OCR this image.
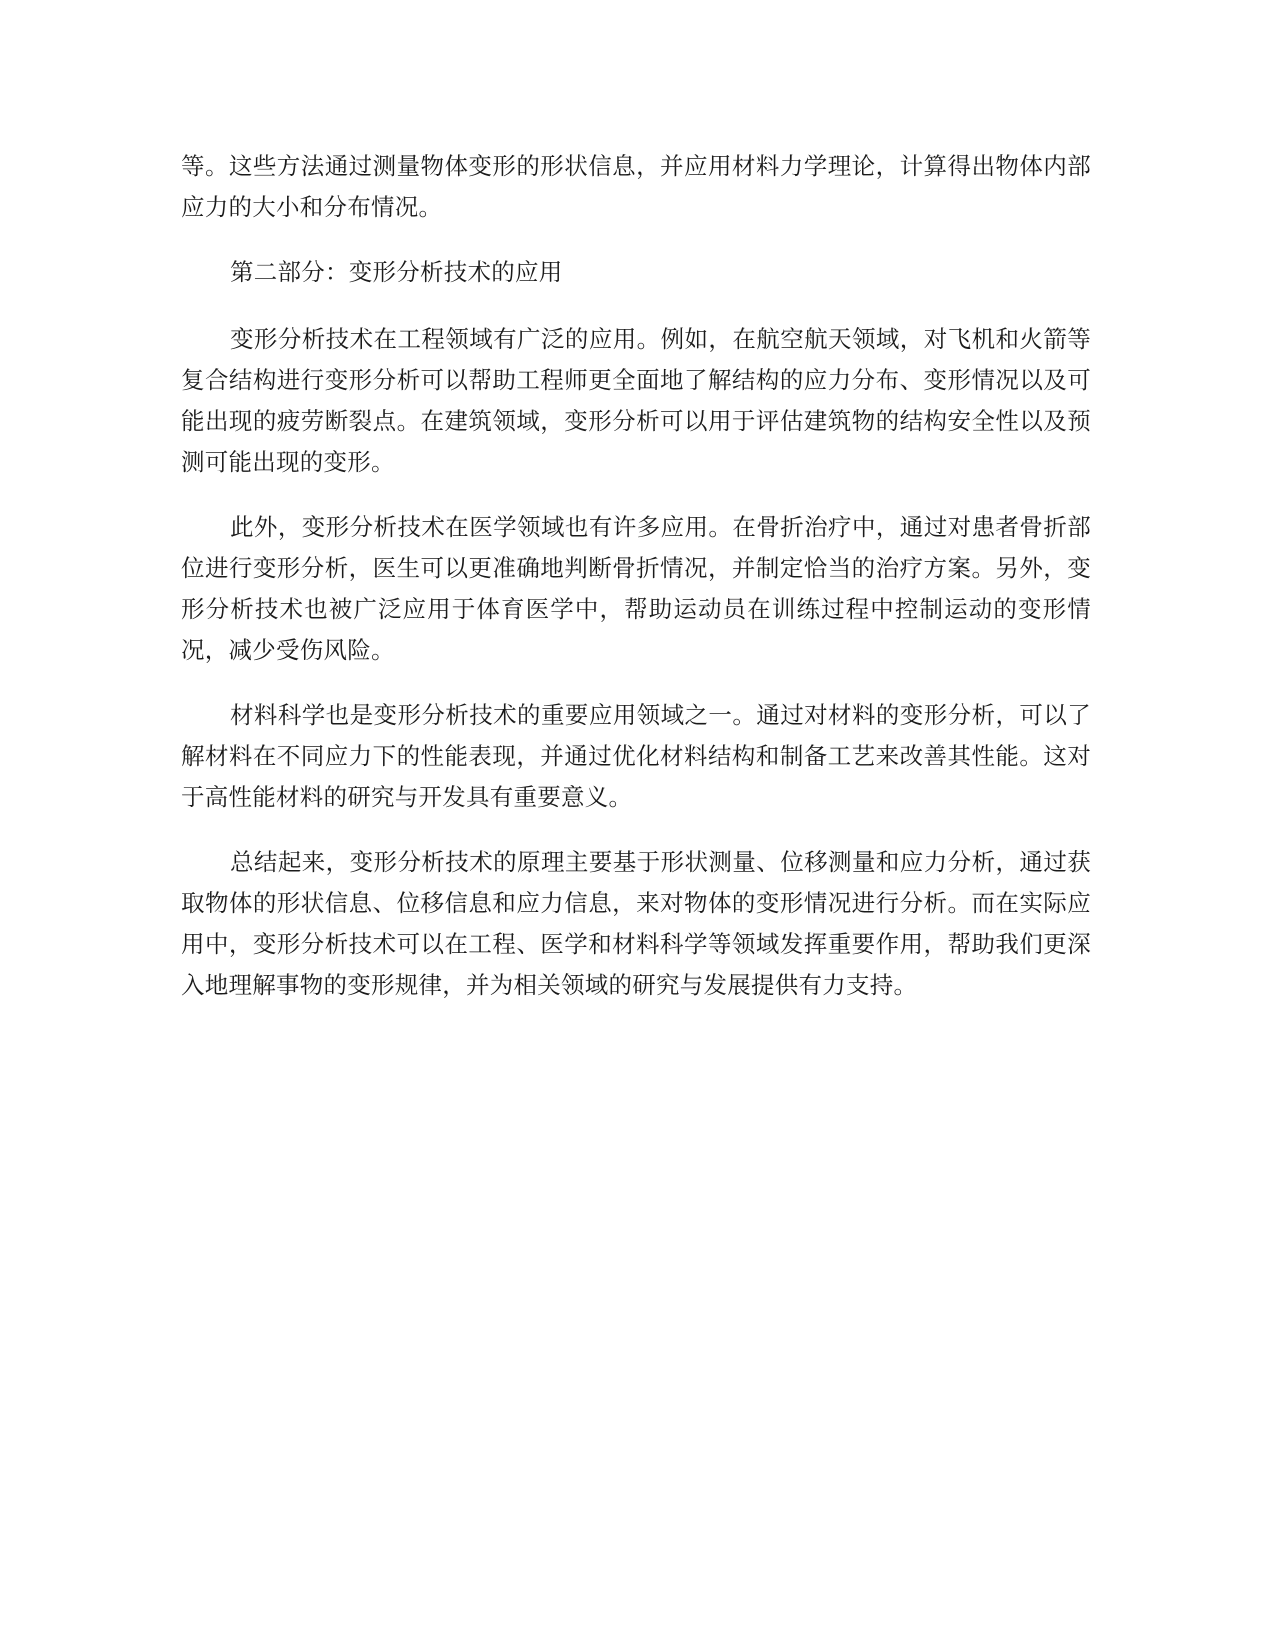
等。这些方法通过测量物体变形的形状信息，并应用材料力学理论，计算得出物体内部应力的大小和分布情况。

第二部分：变形分析技术的应用

变形分析技术在工程领域有广泛的应用。例如，在航空航天领域，对飞机和火箭等复合结构进行变形分析可以帮助工程师更全面地了解结构的应力分布、变形情况以及可能出现的疲劳断裂点。在建筑领域，变形分析可以用于评估建筑物的结构安全性以及预测可能出现的变形。

此外，变形分析技术在医学领域也有许多应用。在骨折治疗中，通过对患者骨折部位进行变形分析，医生可以更准确地判断骨折情况，并制定恰当的治疗方案。另外，变形分析技术也被广泛应用于体育医学中，帮助运动员在训练过程中控制运动的变形情况，减少受伤风险。

材料科学也是变形分析技术的重要应用领域之一。通过对材料的变形分析，可以了解材料在不同应力下的性能表现，并通过优化材料结构和制备工艺来改善其性能。这对于高性能材料的研究与开发具有重要意义。

总结起来，变形分析技术的原理主要基于形状测量、位移测量和应力分析，通过获取物体的形状信息、位移信息和应力信息，来对物体的变形情况进行分析。而在实际应用中，变形分析技术可以在工程、医学和材料科学等领域发挥重要作用，帮助我们更深入地理解事物的变形规律，并为相关领域的研究与发展提供有力支持。
